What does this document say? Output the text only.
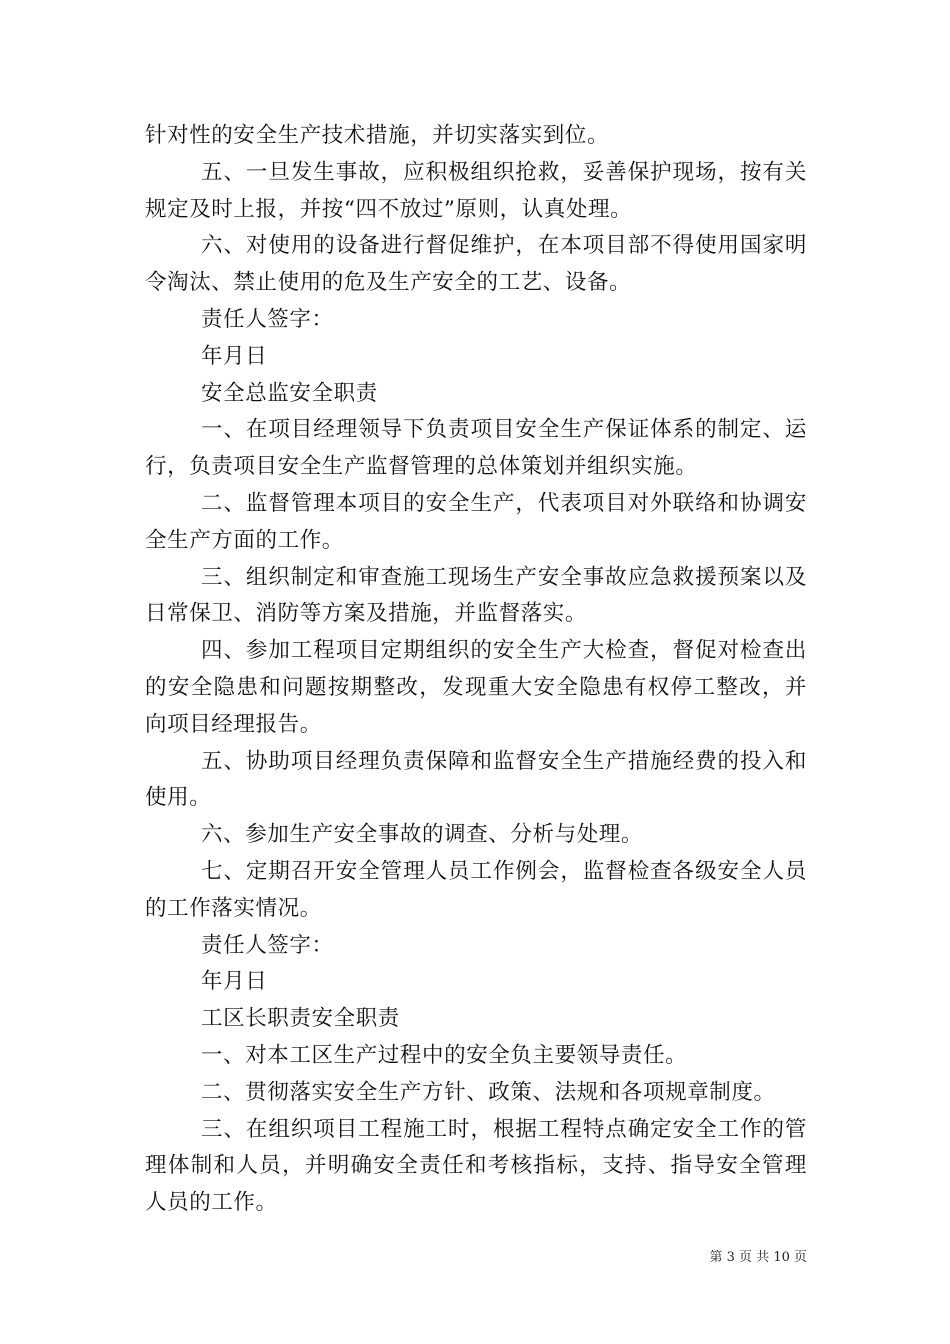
针对性的安全生产技术措施，并切实落实到位。

五、一旦发生事故，应积极组织抢救，妥善保护现场，按有关规定及时上报，并按“四不放过”原则，认真处理。

六、对使用的设备进行督促维护，在本项目部不得使用国家明令淘汰、禁止使用的危及生产安全的工艺、设备。

责任人签字：

年月日

安全总监安全职责

一、在项目经理领导下负责项目安全生产保证体系的制定、运行，负责项目安全生产监督管理的总体策划并组织实施。

二、监督管理本项目的安全生产，代表项目对外联络和协调安全生产方面的工作。

三、组织制定和审查施工现场生产安全事故应急救援预案以及日常保卫、消防等方案及措施，并监督落实。

四、参加工程项目定期组织的安全生产大检查，督促对检查出的安全隐患和问题按期整改，发现重大安全隐患有权停工整改，并向项目经理报告。

五、协助项目经理负责保障和监督安全生产措施经费的投入和使用。

六、参加生产安全事故的调查、分析与处理。

七、定期召开安全管理人员工作例会，监督检查各级安全人员的工作落实情况。

责任人签字：

年月日

工区长职责安全职责

一、对本工区生产过程中的安全负主要领导责任。

二、贯彻落实安全生产方针、政策、法规和各项规章制度。

三、在组织项目工程施工时，根据工程特点确定安全工作的管理体制和人员，并明确安全责任和考核指标，支持、指导安全管理人员的工作。

第 3 页 共 10 页
